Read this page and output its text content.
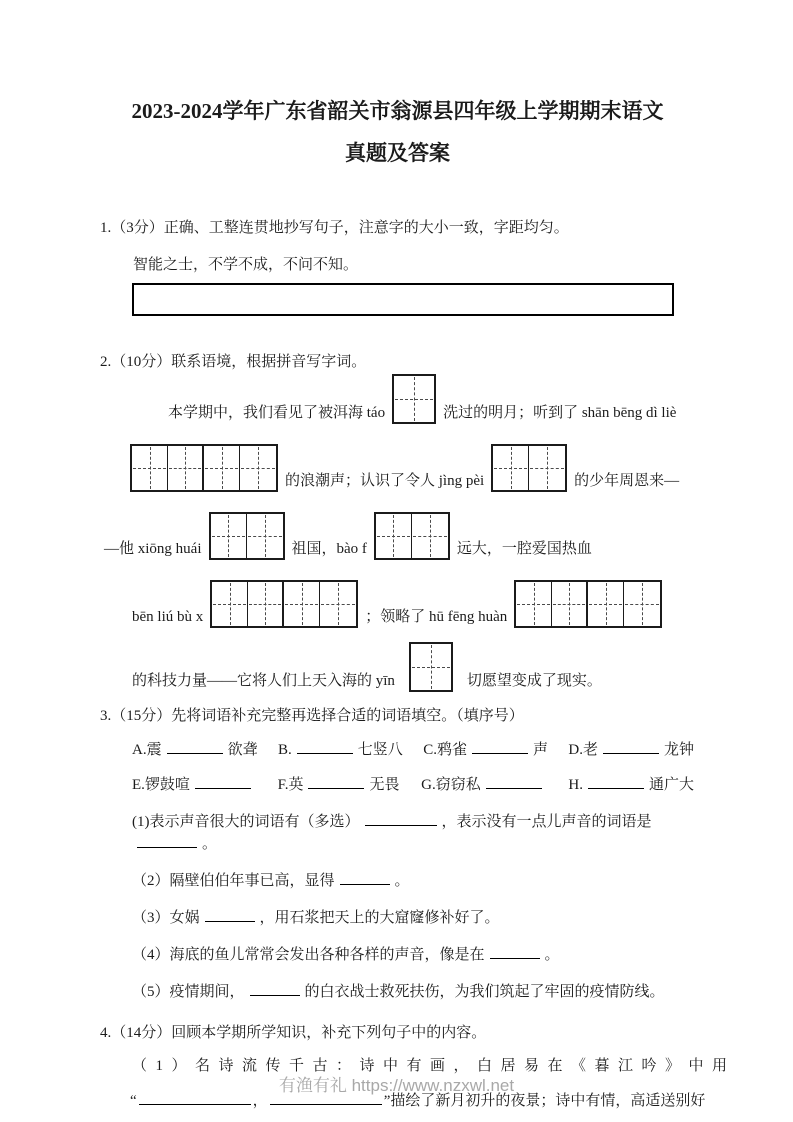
2023-2024学年广东省韶关市翁源县四年级上学期期末语文
真题及答案
1.（3分）正确、工整连贯地抄写句子，注意字的大小一致，字距均匀。
智能之士，不学不成，不问不知。
2.（10分）联系语境，根据拼音写字词。
本学期中，我们看见了被洱海 táo	洗过的明月；听到了 shān bēng dì liè
的浪潮声；认识了令人 jìng pèi	的少年周恩来—
—他 xiōng huái	祖国，bào f	远大，一腔爱国热血
bēn liú bù x	；领略了 hū fēng huàn
的科技力量——它将人们上天入海的 yīn	切愿望变成了现实。
3.（15分）先将词语补充完整再选择合适的词语填空。（填序号）
A.震	欲聋 B.	七竖八 C.鸦雀	声 D.老	龙钟
E.锣鼓喧	F.英	无畏 G.窃窃私	H.	通广大
(1)表示声音很大的词语有（多选）	，表示没有一点儿声音的词语是。
（2）隔壁伯伯年事已高，显得	。
（3）女娲	，用石浆把天上的大窟窿修补好了。
（4）海底的鱼儿常常会发出各种各样的声音，像是在	。
（5）疫情期间，	的白衣战士救死扶伤，为我们筑起了牢固的疫情防线。
4.（14分）回顾本学期所学知识，补充下列句子中的内容。
（1）名诗流传千古：诗中有画，白居易在《暮江吟》中用
“	，	”描绘了新月初升的夜景；诗中有情，高适送别好
有渔有礼 https://www.nzxwl.net
